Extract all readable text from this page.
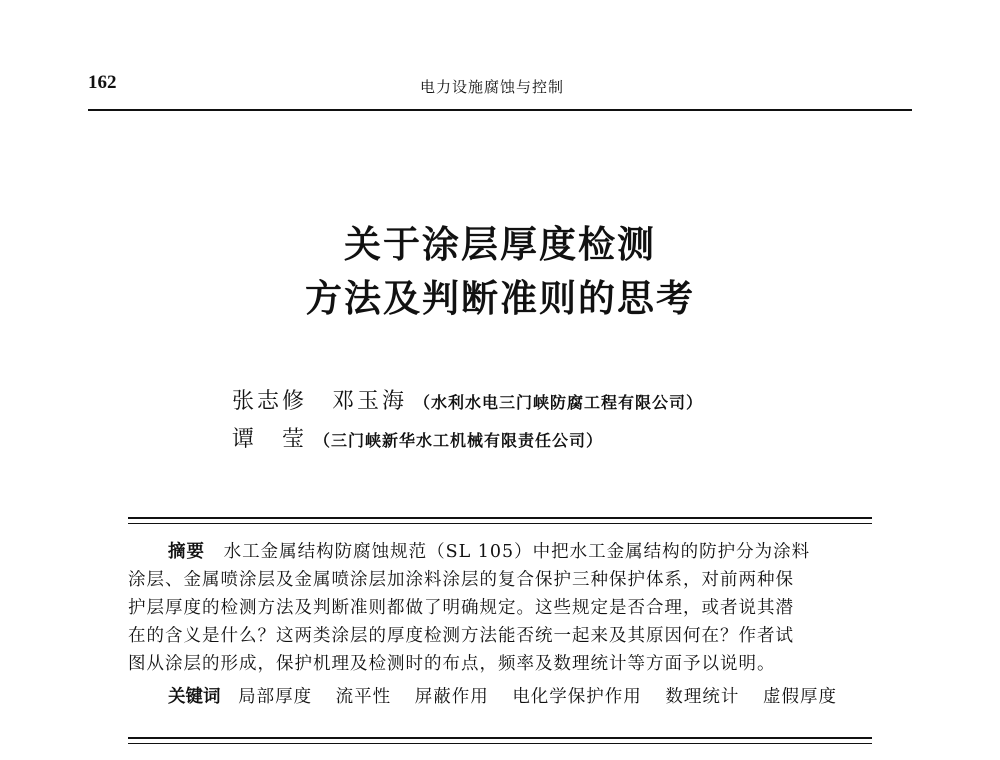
162	电力设施腐蚀与控制
关于涂层厚度检测
方法及判断准则的思考
张志修　邓玉海 （水利水电三门峡防腐工程有限公司）
谭　莹 （三门峡新华水工机械有限责任公司）
摘要 水工金属结构防腐蚀规范（SL 105）中把水工金属结构的防护分为涂料
涂层、金属喷涂层及金属喷涂层加涂料涂层的复合保护三种保护体系，对前两种保
护层厚度的检测方法及判断准则都做了明确规定。这些规定是否合理，或者说其潜
在的含义是什么？这两类涂层的厚度检测方法能否统一起来及其原因何在？作者试
图从涂层的形成，保护机理及检测时的布点，频率及数理统计等方面予以说明。
关键词 局部厚度 流平性 屏蔽作用 电化学保护作用 数理统计 虚假厚度
